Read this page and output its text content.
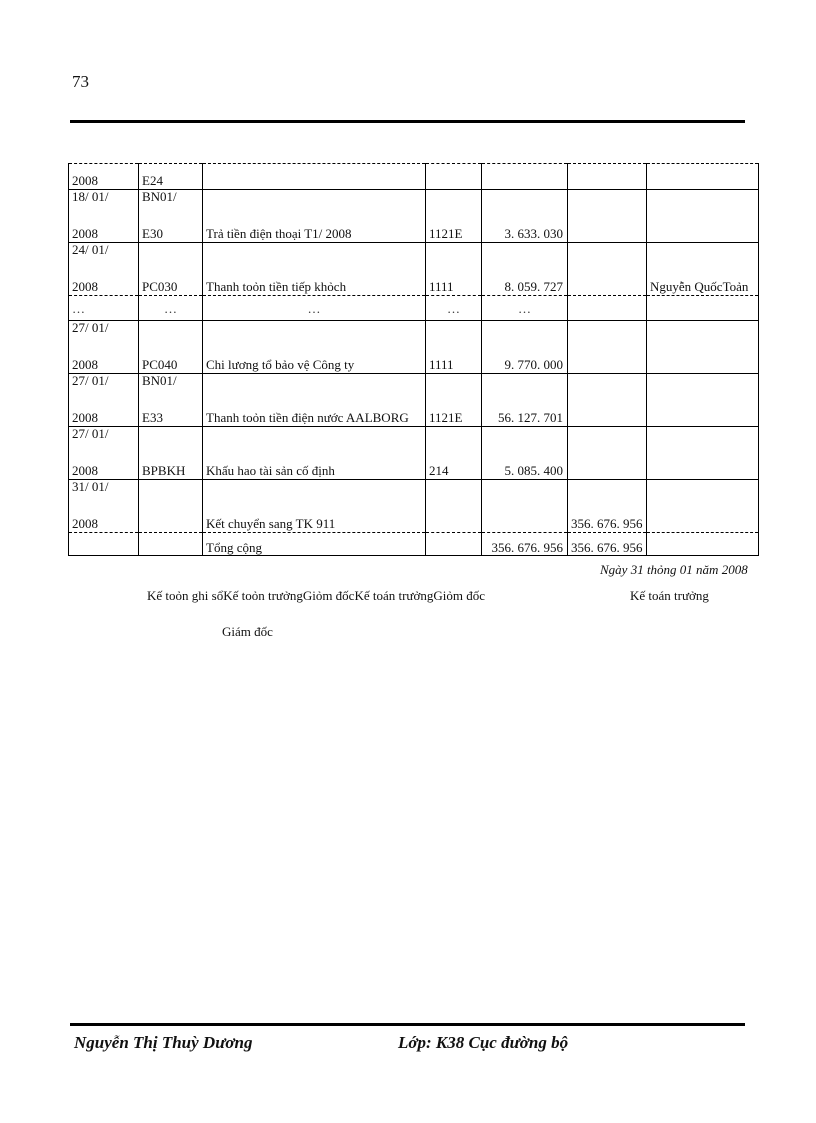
73
2008	E24					
18/ 01/	BN01/					
2008	E30	Trả tiền điện thoại T1/ 2008	1121E	3. 633. 030		
24/ 01/						
2008	PC030	Thanh toỏn tiền tiếp khỏch	1111	8. 059. 727		Nguyễn QuốcToản
…	…	…	…	…		
27/ 01/						
2008	PC040	Chi lương tổ bảo vệ Công ty	1111	9. 770. 000		
27/ 01/	BN01/					
2008	E33	Thanh toỏn tiền điện nước AALBORG	1121E	56. 127. 701		
27/ 01/						
2008	BPBKH	Khấu hao tài sản cố định	214	5. 085. 400		
31/ 01/						
2008		Kết chuyển sang TK 911			356. 676. 956	
		Tổng cộng		356. 676. 956	356. 676. 956	
Ngày 31 thỏng 01 năm 2008
Kế toỏn ghi sổKế toỏn trưởngGiỏm đốcKế toán trưởngGiỏm đốc	Kế toán trưởng
Giám đốc
Nguyễn Thị Thuỳ Dương	Lớp: K38 Cục đường bộ
